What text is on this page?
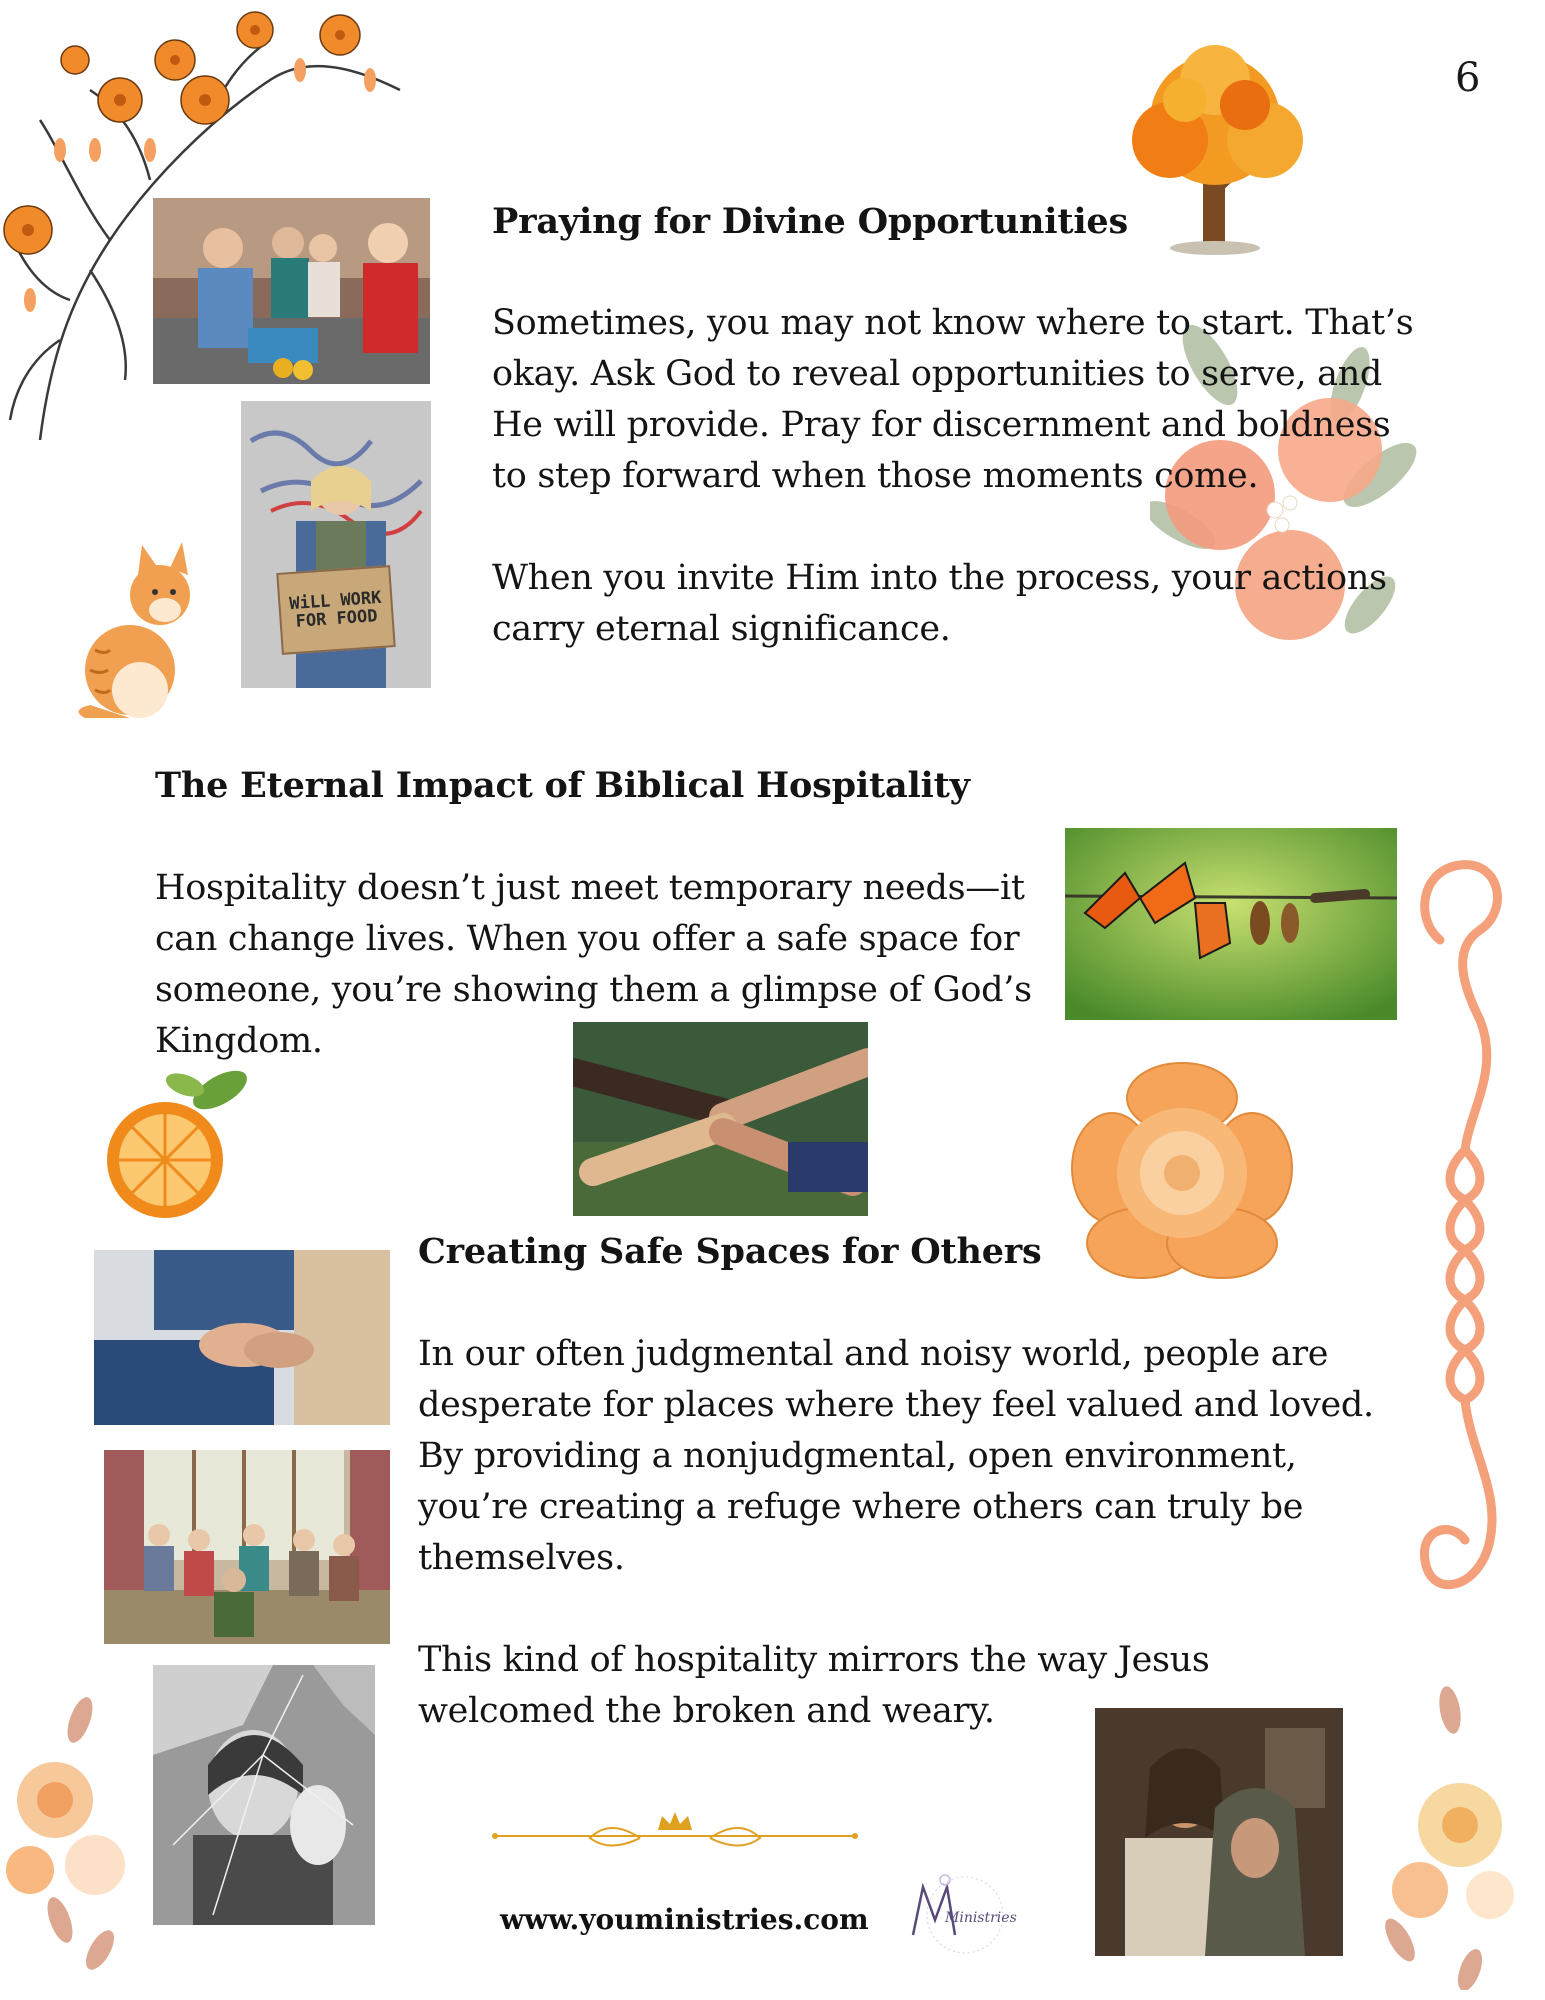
6
WiLL WORK FOR FOOD
Praying for Divine Opportunities

Sometimes, you may not know where to start. That’s okay. Ask God to reveal opportunities to serve, and He will provide. Pray for discernment and boldness to step forward when those moments come.

When you invite Him into the process, your actions carry eternal significance.

The Eternal Impact of Biblical Hospitality

Hospitality doesn’t just meet temporary needs—it can change lives. When you offer a safe space for someone, you’re showing them a glimpse of God’s Kingdom.

Creating Safe Spaces for Others

In our often judgmental and noisy world, people are desperate for places where they feel valued and loved. By providing a nonjudgmental, open environment, you’re creating a refuge where others can truly be themselves.

This kind of hospitality mirrors the way Jesus welcomed the broken and weary.

www.youministries.com	Ministries
